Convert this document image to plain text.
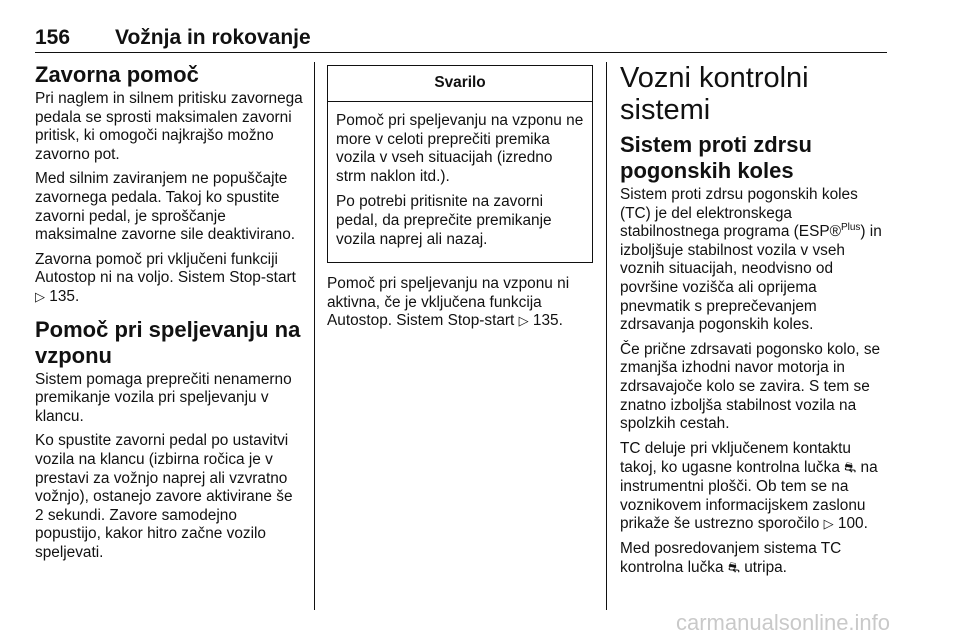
156 Vožnja in rokovanje
Zavorna pomoč

Pri naglem in silnem pritisku zavornega pedala se sprosti maksimalen zavorni pritisk, ki omogoči najkrajšo možno zavorno pot.

Med silnim zaviranjem ne popuščajte zavornega pedala. Takoj ko spustite zavorni pedal, je sproščanje maksimalne zavorne sile deaktivirano.

Zavorna pomoč pri vključeni funkciji Autostop ni na voljo. Sistem Stop-start ▷ 135.

Pomoč pri speljevanju na vzponu

Sistem pomaga preprečiti nenamerno premikanje vozila pri speljevanju v klancu.

Ko spustite zavorni pedal po ustavitvi vozila na klancu (izbirna ročica je v prestavi za vožnjo naprej ali vzvratno vožnjo), ostanejo zavore aktivirane še 2 sekundi. Zavore samodejno popustijo, kakor hitro začne vozilo speljevati.

Svarilo

Pomoč pri speljevanju na vzponu ne more v celoti preprečiti premika vozila v vseh situacijah (izredno strm naklon itd.).

Po potrebi pritisnite na zavorni pedal, da preprečite premikanje vozila naprej ali nazaj.

Pomoč pri speljevanju na vzponu ni aktivna, če je vključena funkcija Autostop. Sistem Stop-start ▷ 135.

Vozni kontrolni sistemi
Sistem proti zdrsu pogonskih koles

Sistem proti zdrsu pogonskih koles (TC) je del elektronskega stabilnostnega programa (ESP®$^{Plus}$) in izboljšuje stabilnost vozila v vseh voznih situacijah, neodvisno od površine vozišča ali oprijema pnevmatik s preprečevanjem zdrsavanja pogonskih koles.

Če prične zdrsavati pogonsko kolo, se zmanjša izhodni navor motorja in zdrsavajoče kolo se zavira. S tem se znatno izboljša stabilnost vozila na spolzkih cestah.

TC deluje pri vključenem kontaktu takoj, ko ugasne kontrolna lučka ⛐ na instrumentni plošči. Ob tem se na voznikovem informacijskem zaslonu prikaže še ustrezno sporočilo ▷ 100.

Med posredovanjem sistema TC kontrolna lučka ⛐ utripa.

carmanualsonline.info
